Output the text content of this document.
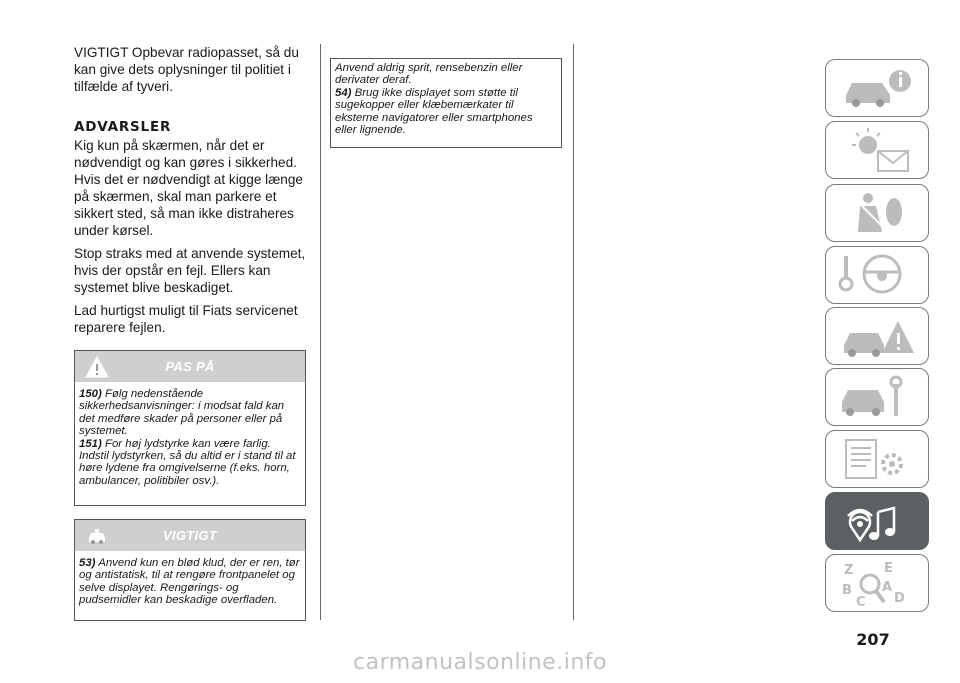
VIGTIGT Opbevar radiopasset, så du kan give dets oplysninger til politiet i tilfælde af tyveri.

ADVARSLER

Kig kun på skærmen, når det er nødvendigt og kan gøres i sikkerhed. Hvis det er nødvendigt at kigge længe på skærmen, skal man parkere et sikkert sted, så man ikke distraheres under kørsel.

Stop straks med at anvende systemet, hvis der opstår en fejl. Ellers kan systemet blive beskadiget.

Lad hurtigst muligt til Fiats servicenet reparere fejlen.

PAS PÅ

150) Følg nedenstående sikkerhedsanvisninger: i modsat fald kan det medføre skader på personer eller på systemet.

151) For høj lydstyrke kan være farlig. Indstil lydstyrken, så du altid er i stand til at høre lydene fra omgivelserne (f.eks. horn, ambulancer, politibiler osv.).

VIGTIGT

53) Anvend kun en blød klud, der er ren, tør og antistatisk, til at rengøre frontpanelet og selve displayet. Rengørings- og pudsemidler kan beskadige overfladen.

Anvend aldrig sprit, rensebenzin eller derivater deraf.

54) Brug ikke displayet som støtte til sugekopper eller klæbemærkater til eksterne navigatorer eller smartphones eller lignende.

Z E
B A
C D
207
carmanualsonline.info
